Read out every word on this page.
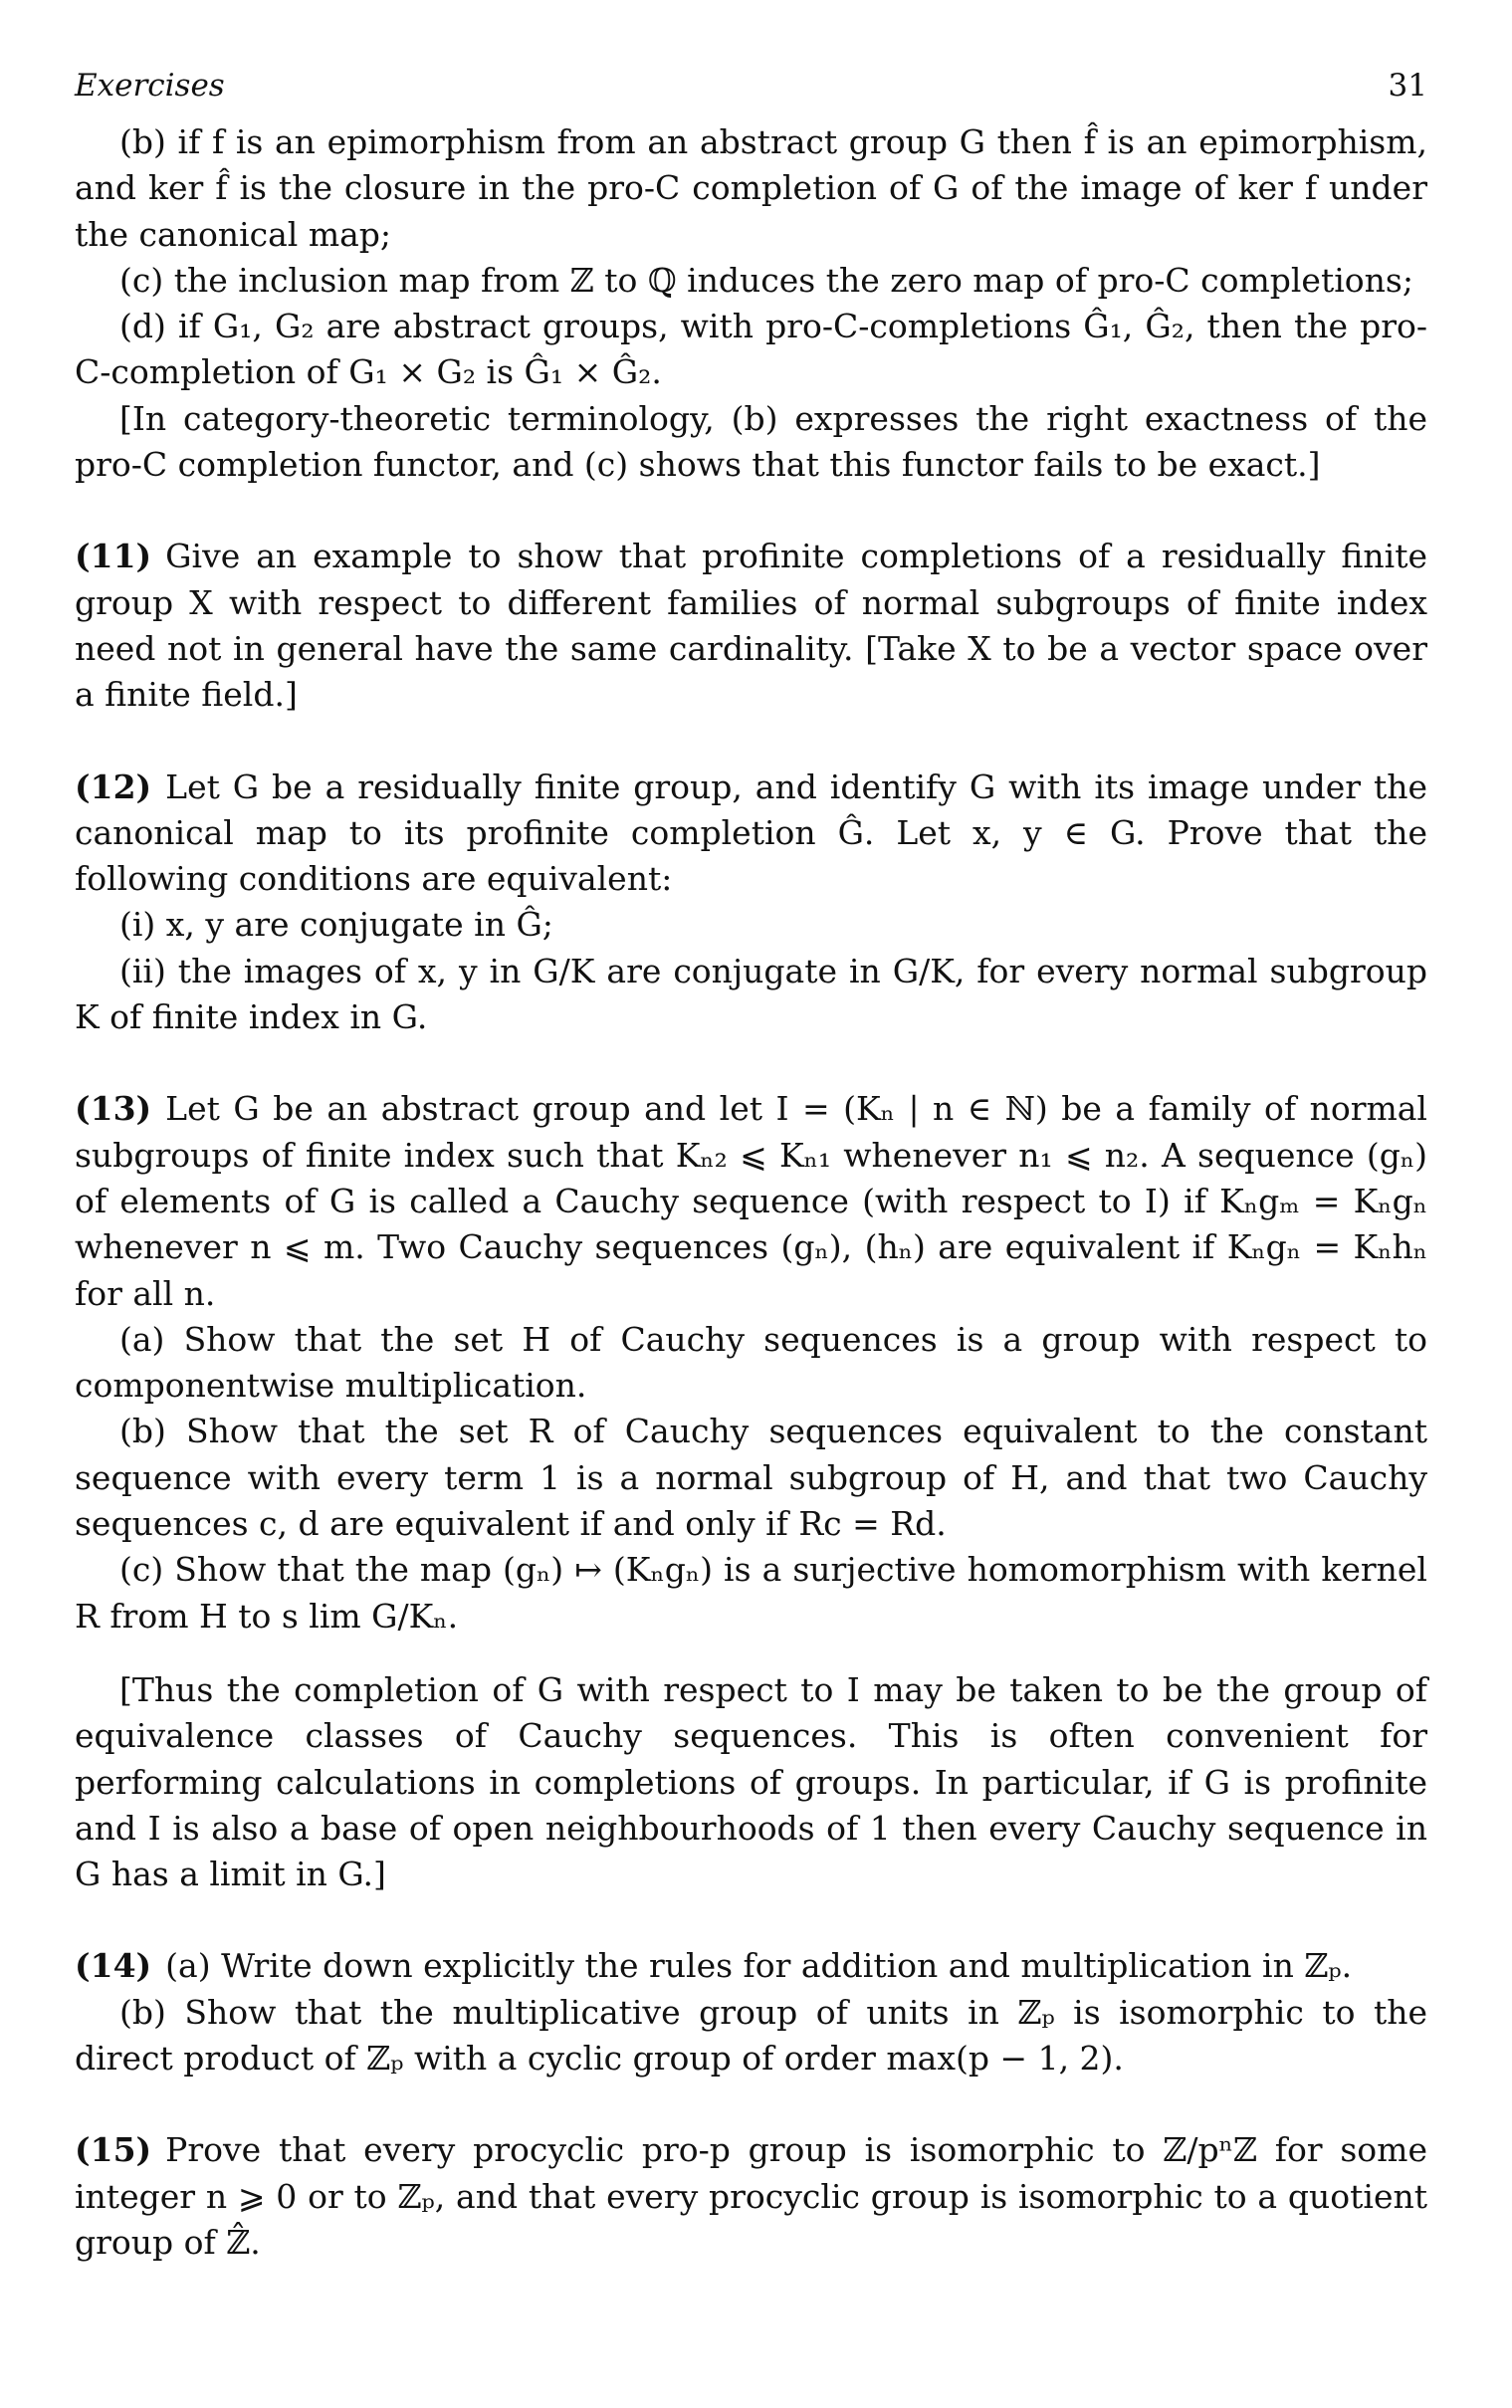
Exercises	31

(b) if f is an epimorphism from an abstract group G then f̂ is an epimorphism, and ker f̂ is the closure in the pro-C completion of G of the image of ker f under the canonical map;

(c) the inclusion map from ℤ to ℚ induces the zero map of pro-C completions;

(d) if G₁, G₂ are abstract groups, with pro-C-completions Ĝ₁, Ĝ₂, then the pro-C-completion of G₁ × G₂ is Ĝ₁ × Ĝ₂.

[In category-theoretic terminology, (b) expresses the right exactness of the pro-C completion functor, and (c) shows that this functor fails to be exact.]

(11) Give an example to show that profinite completions of a residually finite group X with respect to different families of normal subgroups of finite index need not in general have the same cardinality. [Take X to be a vector space over a finite field.]

(12) Let G be a residually finite group, and identify G with its image under the canonical map to its profinite completion Ĝ. Let x, y ∈ G. Prove that the following conditions are equivalent:

(i) x, y are conjugate in Ĝ;

(ii) the images of x, y in G/K are conjugate in G/K, for every normal subgroup K of finite index in G.

(13) Let G be an abstract group and let I = (Kₙ | n ∈ ℕ) be a family of normal subgroups of finite index such that Kₙ₂ ⩽ Kₙ₁ whenever n₁ ⩽ n₂. A sequence (gₙ) of elements of G is called a Cauchy sequence (with respect to I) if Kₙgₘ = Kₙgₙ whenever n ⩽ m. Two Cauchy sequences (gₙ), (hₙ) are equivalent if Kₙgₙ = Kₙhₙ for all n.

(a) Show that the set H of Cauchy sequences is a group with respect to componentwise multiplication.

(b) Show that the set R of Cauchy sequences equivalent to the constant sequence with every term 1 is a normal subgroup of H, and that two Cauchy sequences c, d are equivalent if and only if Rc = Rd.

(c) Show that the map (gₙ) ↦ (Kₙgₙ) is a surjective homomorphism with kernel R from H to s lim G/Kₙ.

[Thus the completion of G with respect to I may be taken to be the group of equivalence classes of Cauchy sequences. This is often convenient for performing calculations in completions of groups. In particular, if G is profinite and I is also a base of open neighbourhoods of 1 then every Cauchy sequence in G has a limit in G.]

(14) (a) Write down explicitly the rules for addition and multiplication in ℤₚ.

(b) Show that the multiplicative group of units in ℤₚ is isomorphic to the direct product of ℤₚ with a cyclic group of order max(p − 1, 2).

(15) Prove that every procyclic pro-p group is isomorphic to ℤ/pⁿℤ for some integer n ⩾ 0 or to ℤₚ, and that every procyclic group is isomorphic to a quotient group of ℤ̂.
